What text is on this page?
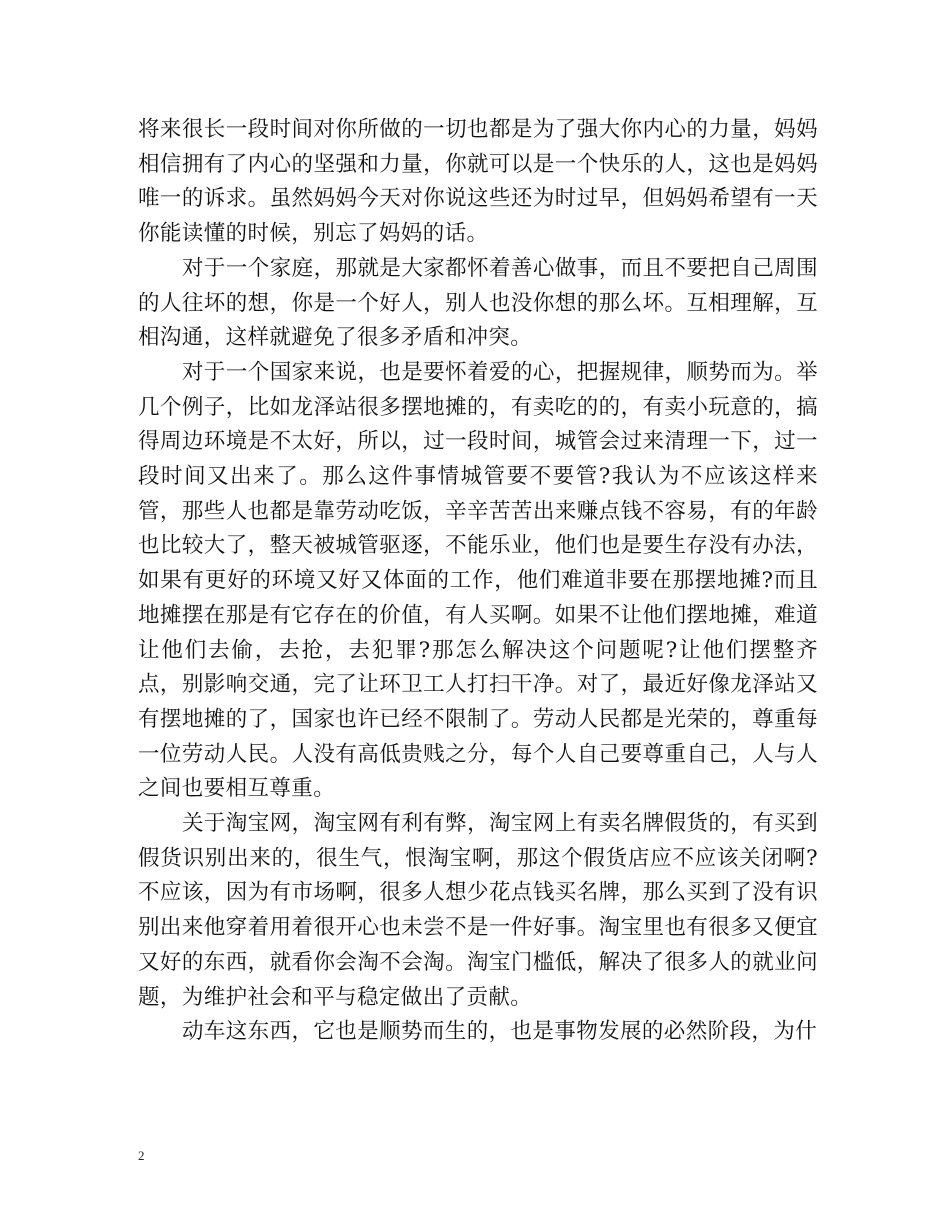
将来很长一段时间对你所做的一切也都是为了强大你内心的力量，妈妈相信拥有了内心的坚强和力量，你就可以是一个快乐的人，这也是妈妈唯一的诉求。虽然妈妈今天对你说这些还为时过早，但妈妈希望有一天你能读懂的时候，别忘了妈妈的话。

对于一个家庭，那就是大家都怀着善心做事，而且不要把自己周围的人往坏的想，你是一个好人，别人也没你想的那么坏。互相理解，互相沟通，这样就避免了很多矛盾和冲突。

对于一个国家来说，也是要怀着爱的心，把握规律，顺势而为。举几个例子，比如龙泽站很多摆地摊的，有卖吃的的，有卖小玩意的，搞得周边环境是不太好，所以，过一段时间，城管会过来清理一下，过一段时间又出来了。那么这件事情城管要不要管?我认为不应该这样来管，那些人也都是靠劳动吃饭，辛辛苦苦出来赚点钱不容易，有的年龄也比较大了，整天被城管驱逐，不能乐业，他们也是要生存没有办法，如果有更好的环境又好又体面的工作，他们难道非要在那摆地摊?而且地摊摆在那是有它存在的价值，有人买啊。如果不让他们摆地摊，难道让他们去偷，去抢，去犯罪?那怎么解决这个问题呢?让他们摆整齐点，别影响交通，完了让环卫工人打扫干净。对了，最近好像龙泽站又有摆地摊的了，国家也许已经不限制了。劳动人民都是光荣的，尊重每一位劳动人民。人没有高低贵贱之分，每个人自己要尊重自己，人与人之间也要相互尊重。

关于淘宝网，淘宝网有利有弊，淘宝网上有卖名牌假货的，有买到假货识别出来的，很生气，恨淘宝啊，那这个假货店应不应该关闭啊?不应该，因为有市场啊，很多人想少花点钱买名牌，那么买到了没有识别出来他穿着用着很开心也未尝不是一件好事。淘宝里也有很多又便宜又好的东西，就看你会淘不会淘。淘宝门槛低，解决了很多人的就业问题，为维护社会和平与稳定做出了贡献。

动车这东西，它也是顺势而生的，也是事物发展的必然阶段，为什

2
